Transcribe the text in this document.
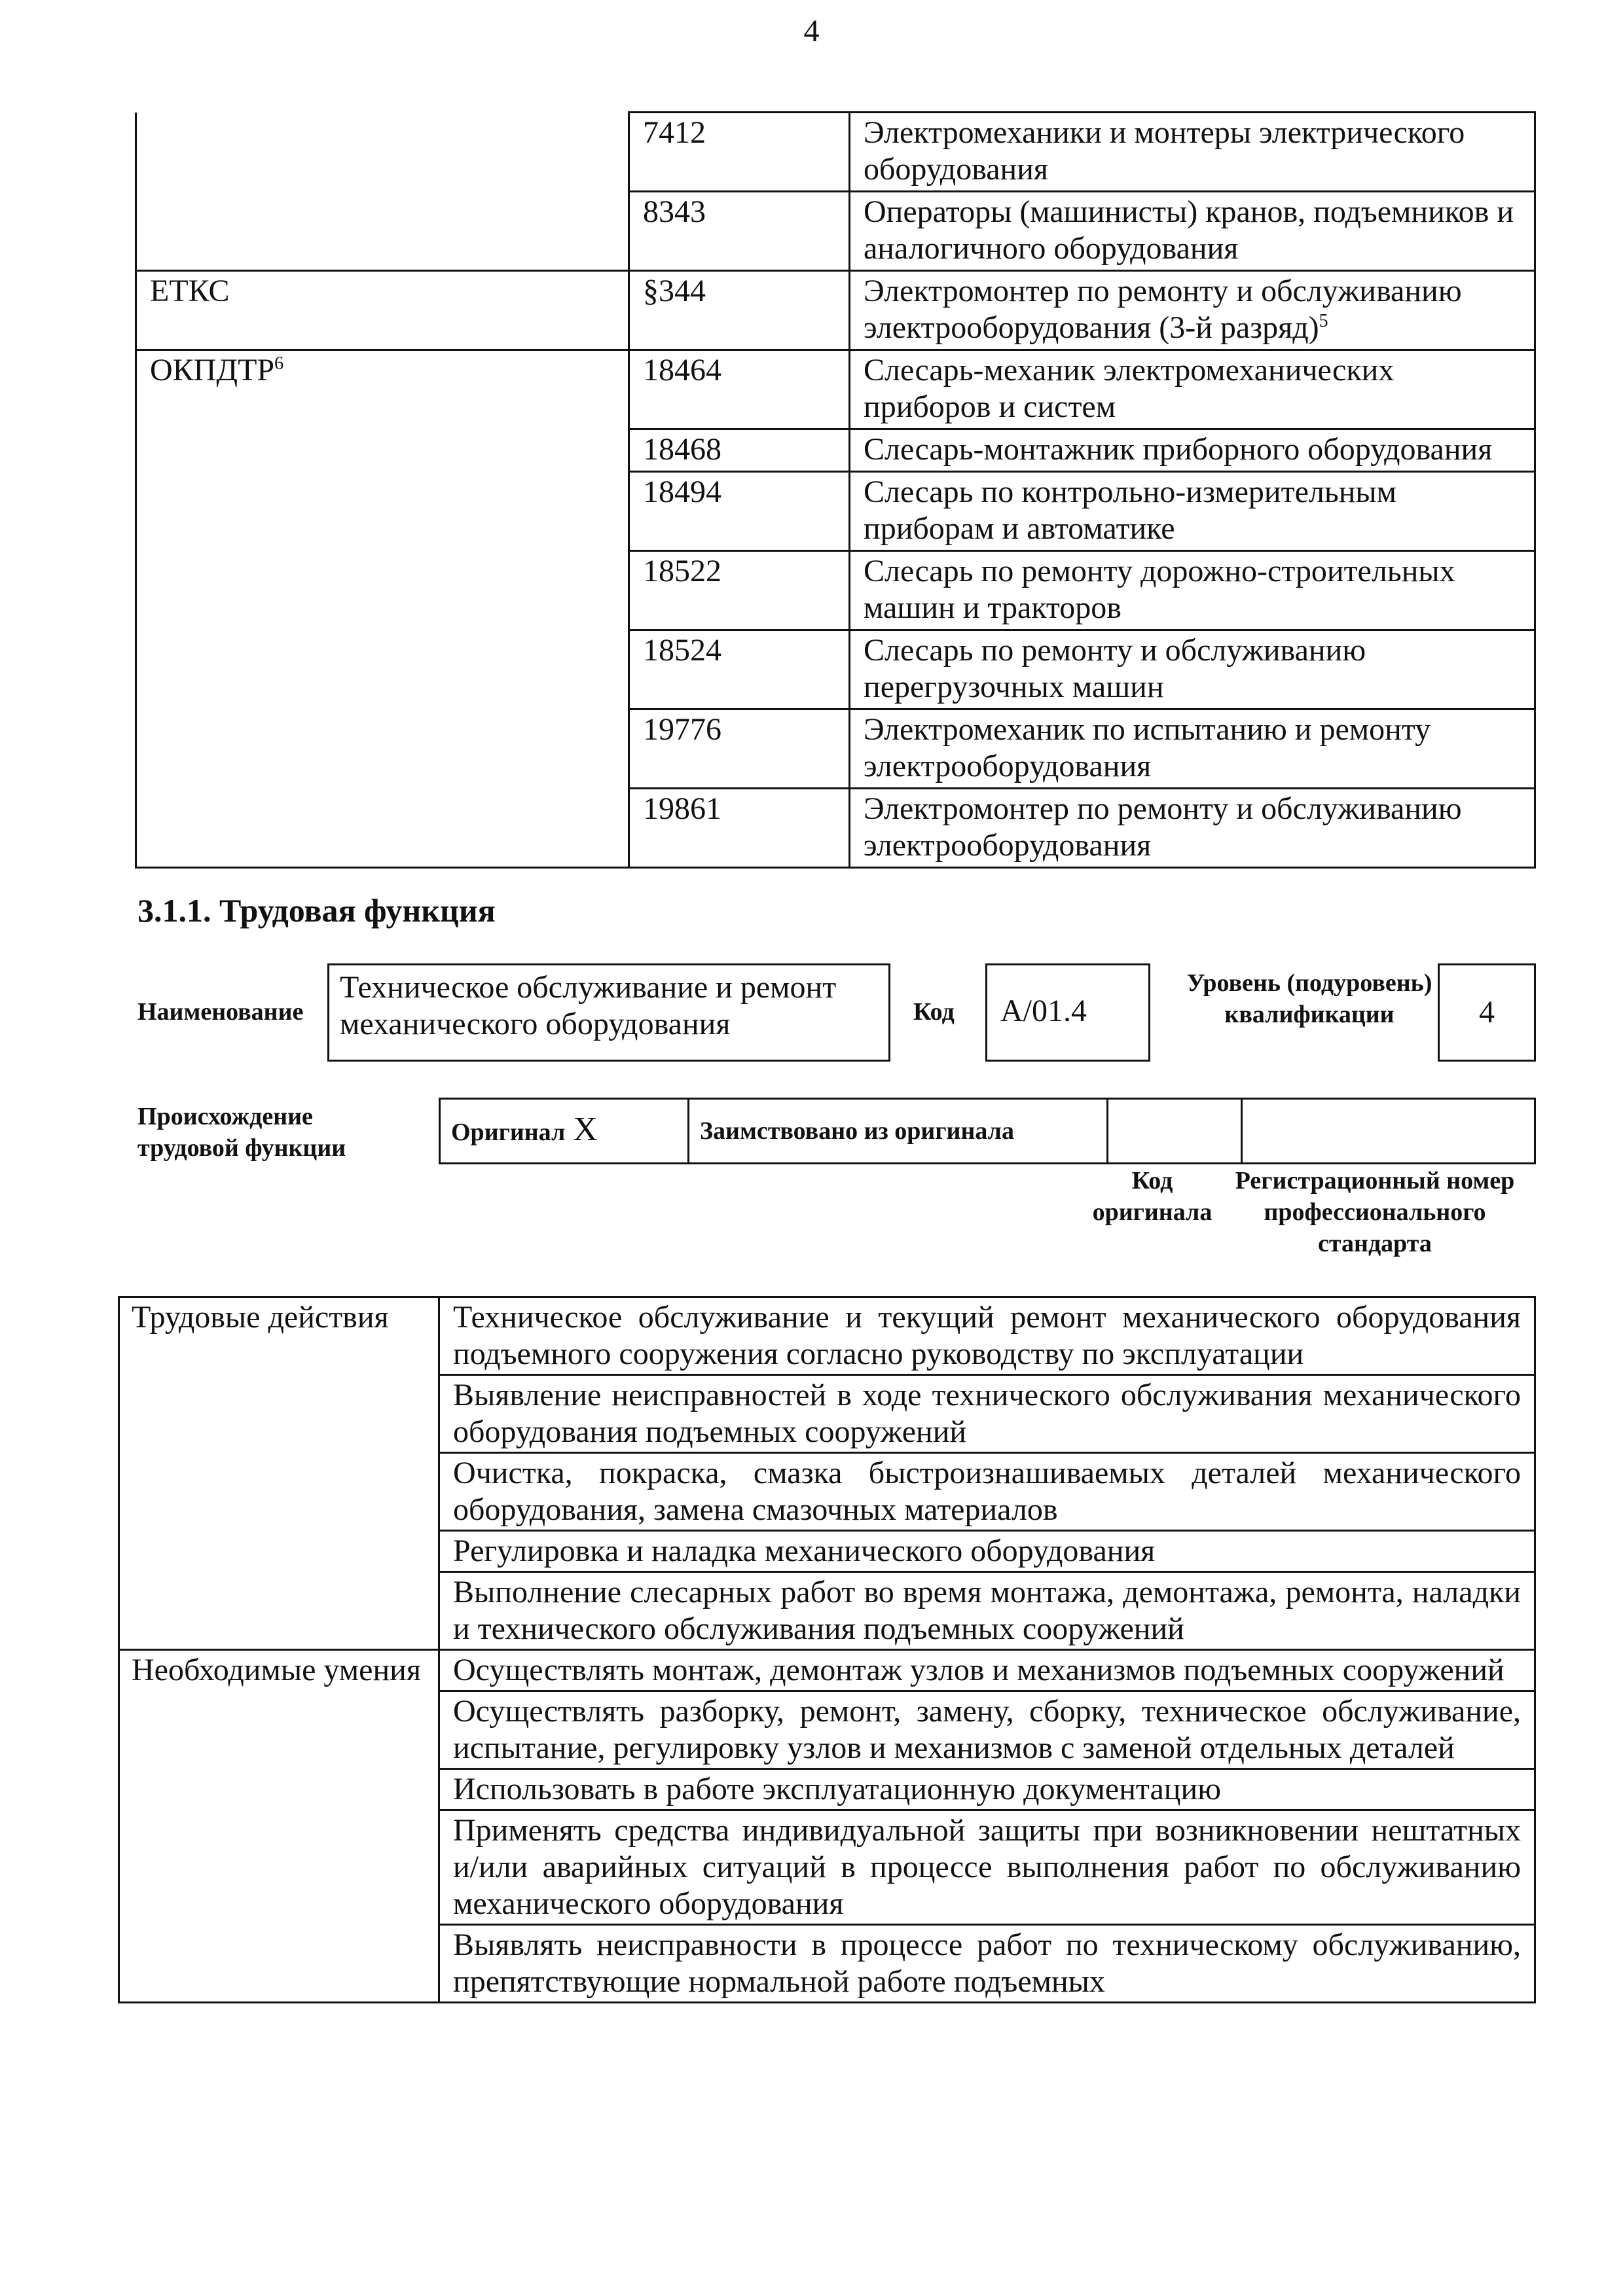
4
	7412	Электромеханики и монтеры электрического оборудования
	8343	Операторы (машинисты) кранов, подъемников и аналогичного оборудования
ЕТКС	§344	Электромонтер по ремонту и обслуживанию электрооборудования (3-й разряд)$^5$
ОКПДТР$^6$	18464	Слесарь-механик электромеханических приборов и систем
	18468	Слесарь-монтажник приборного оборудования
	18494	Слесарь по контрольно-измерительным приборам и автоматике
	18522	Слесарь по ремонту дорожно-строительных машин и тракторов
	18524	Слесарь по ремонту и обслуживанию перегрузочных машин
	19776	Электромеханик по испытанию и ремонту электрооборудования
	19861	Электромонтер по ремонту и обслуживанию электрооборудования
3.1.1. Трудовая функция
Наименование
Техническое обслуживание и ремонт механического оборудования	Код	А/01.4
Уровень (подуровень) квалификации	4
Происхождение трудовой функции
Оригинал X	Заимствовано из оригинала		
Код оригинала
Регистрационный номер профессионального стандарта
Трудовые действия	Техническое обслуживание и текущий ремонт механического оборудования подъемного сооружения согласно руководству по эксплуатации
	Выявление неисправностей в ходе технического обслуживания механического оборудования подъемных сооружений
	Очистка, покраска, смазка быстроизнашиваемых деталей механического оборудования, замена смазочных материалов
	Регулировка и наладка механического оборудования
	Выполнение слесарных работ во время монтажа, демонтажа, ремонта, наладки и технического обслуживания подъемных сооружений
Необходимые умения	Осуществлять монтаж, демонтаж узлов и механизмов подъемных сооружений
	Осуществлять разборку, ремонт, замену, сборку, техническое обслуживание, испытание, регулировку узлов и механизмов с заменой отдельных деталей
	Использовать в работе эксплуатационную документацию
	Применять средства индивидуальной защиты при возникновении нештатных и/или аварийных ситуаций в процессе выполнения работ по обслуживанию механического оборудования
	Выявлять неисправности в процессе работ по техническому обслуживанию, препятствующие нормальной работе подъемных
